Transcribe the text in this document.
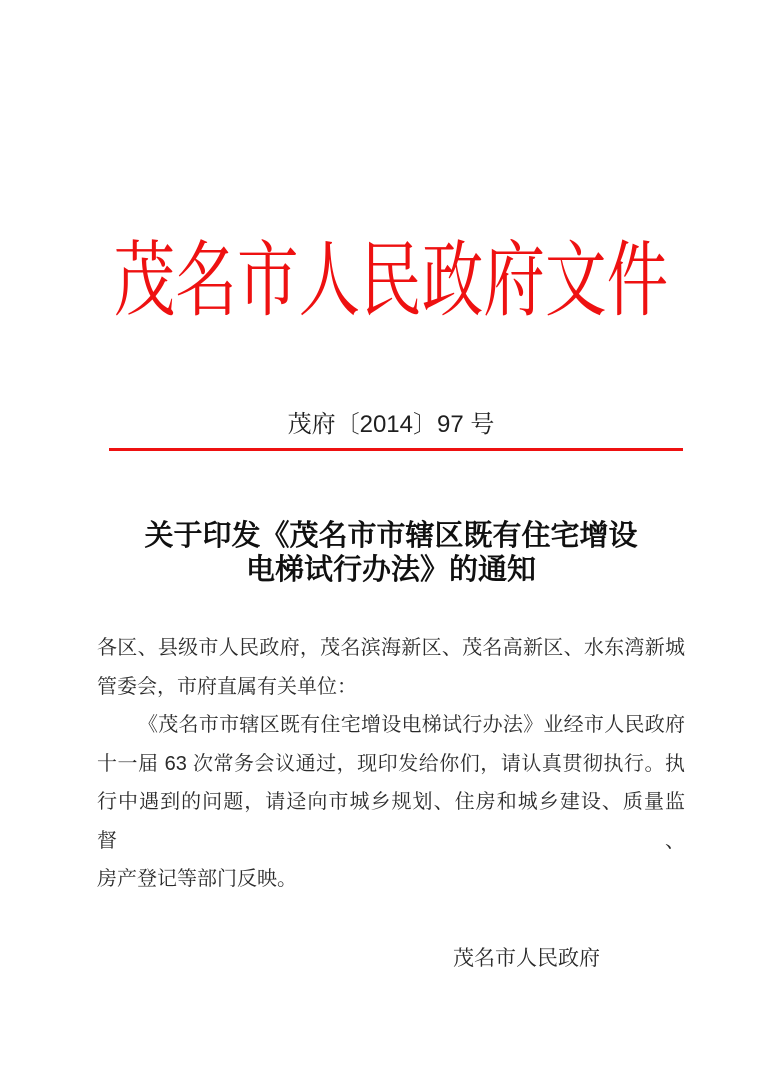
茂名市人民政府文件
茂府〔2014〕97 号
关于印发《茂名市市辖区既有住宅增设
电梯试行办法》的通知
各区、县级市人民政府，茂名滨海新区、茂名高新区、水东湾新城
管委会，市府直属有关单位：
《茂名市市辖区既有住宅增设电梯试行办法》业经市人民政府
十一届 63 次常务会议通过，现印发给你们，请认真贯彻执行。执
行中遇到的问题，请迳向市城乡规划、住房和城乡建设、质量监督、
房产登记等部门反映。
茂名市人民政府
